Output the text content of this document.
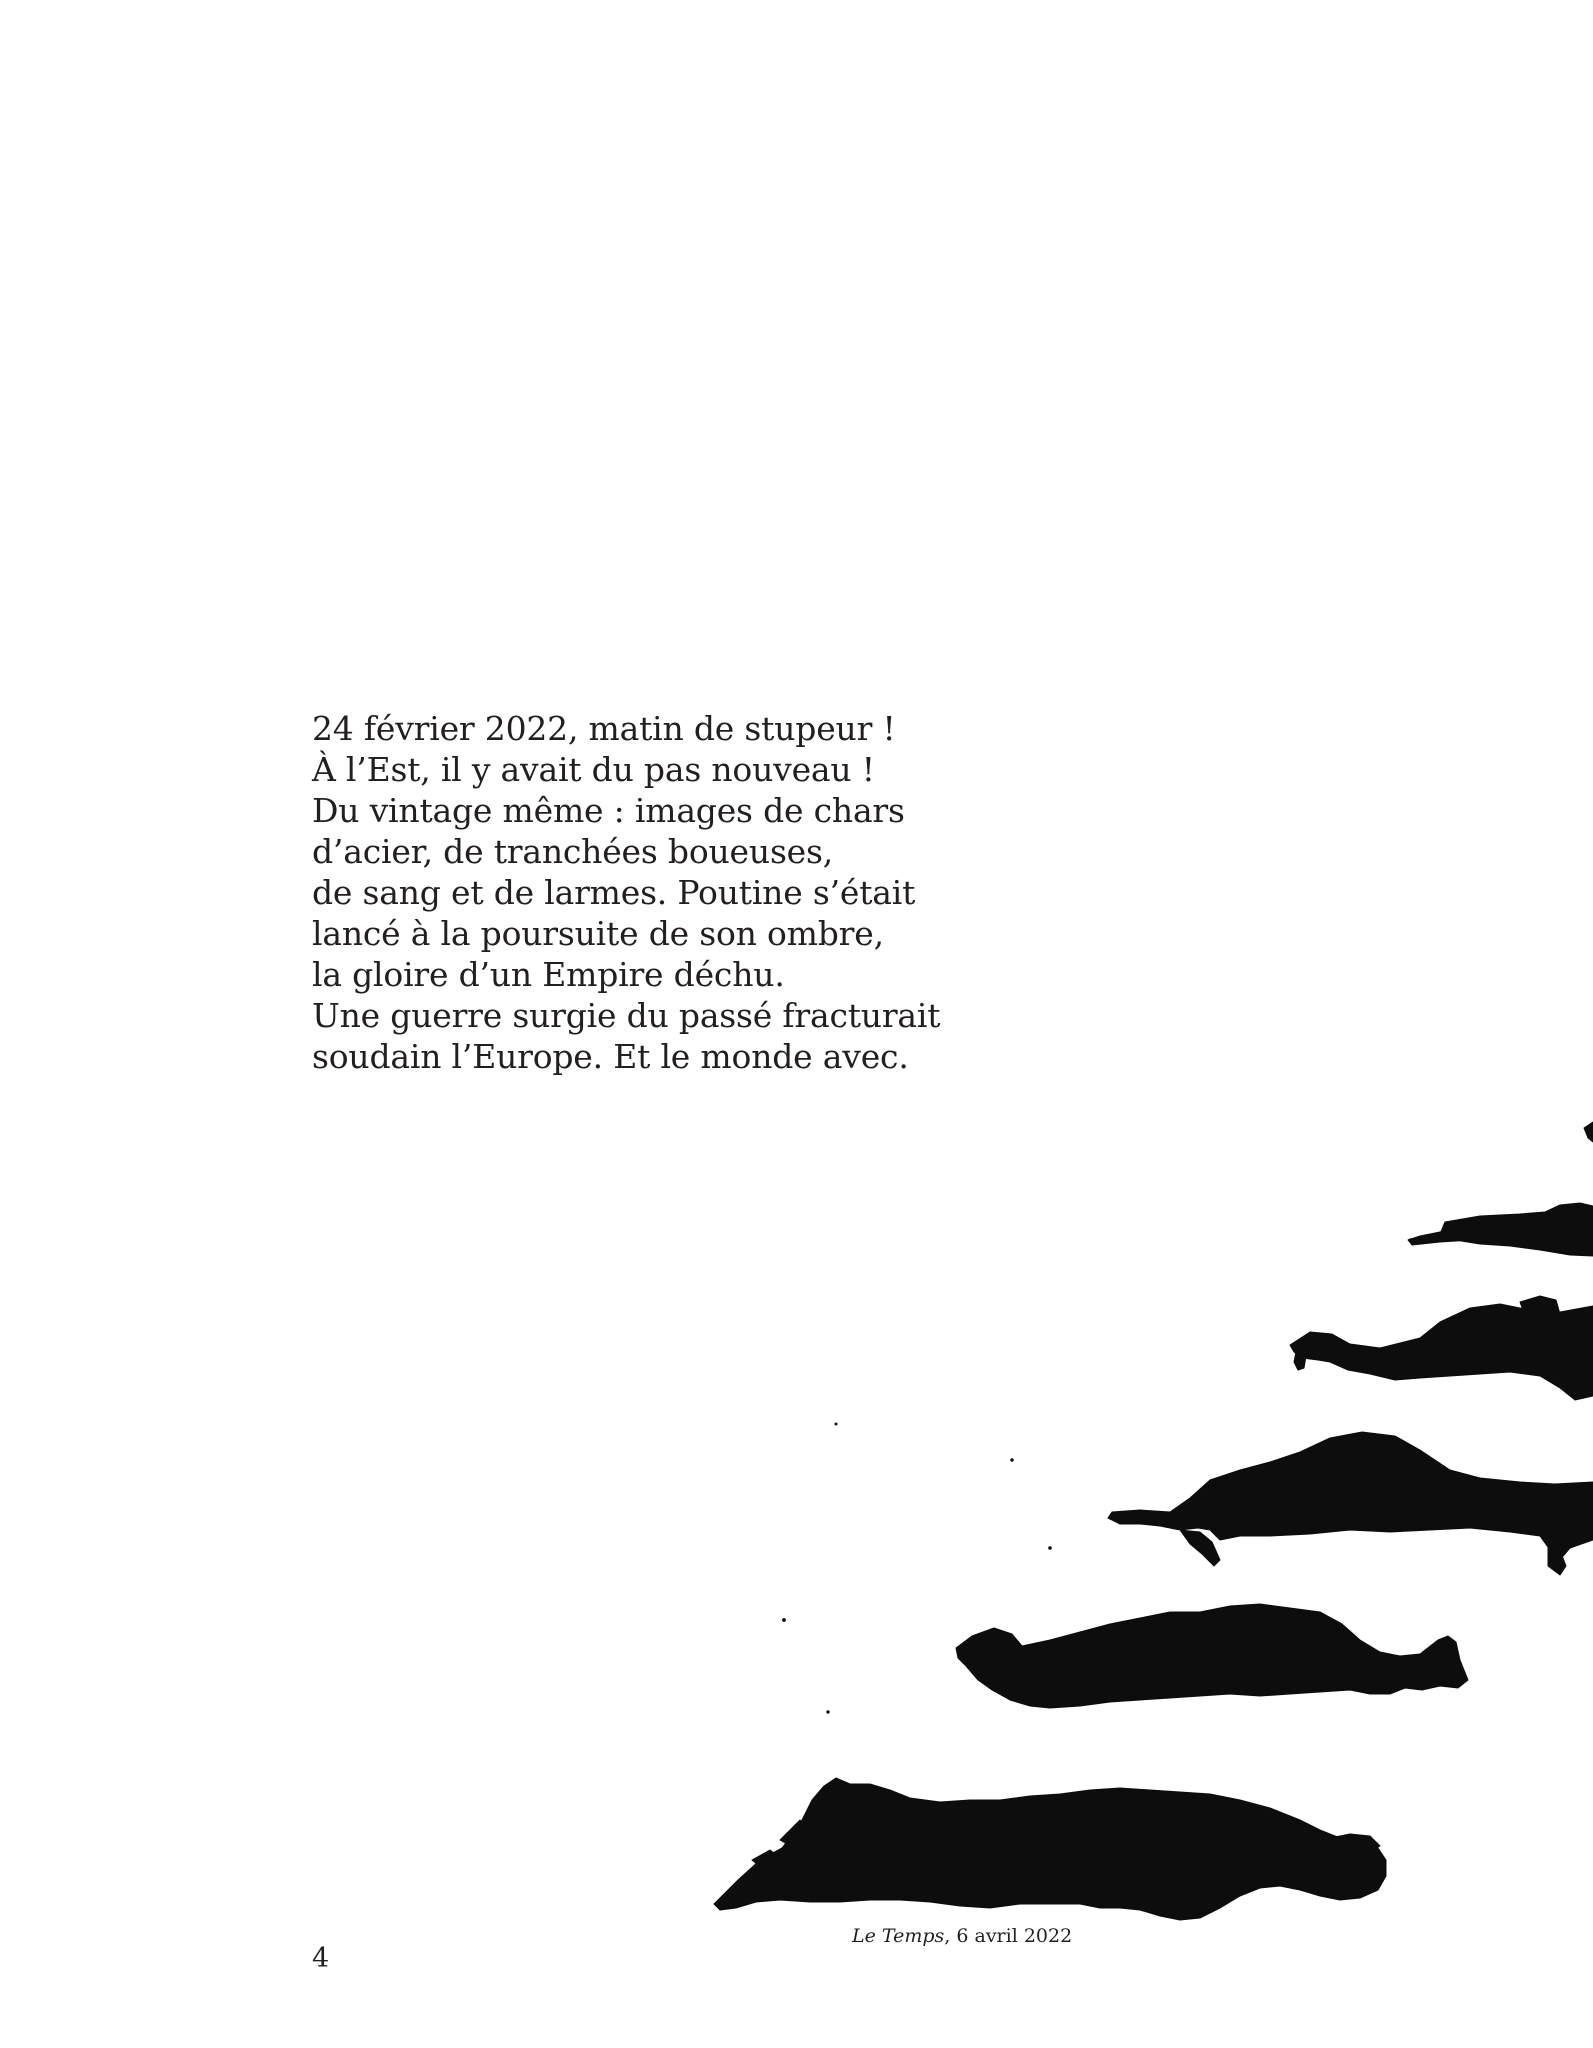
24 février 2022, matin de stupeur !
À l’Est, il y avait du pas nouveau !
Du vintage même : images de chars
d’acier, de tranchées boueuses,
de sang et de larmes. Poutine s’était
lancé à la poursuite de son ombre,
la gloire d’un Empire déchu.
Une guerre surgie du passé fracturait
soudain l’Europe. Et le monde avec.
Le Temps, 6 avril 2022
4
